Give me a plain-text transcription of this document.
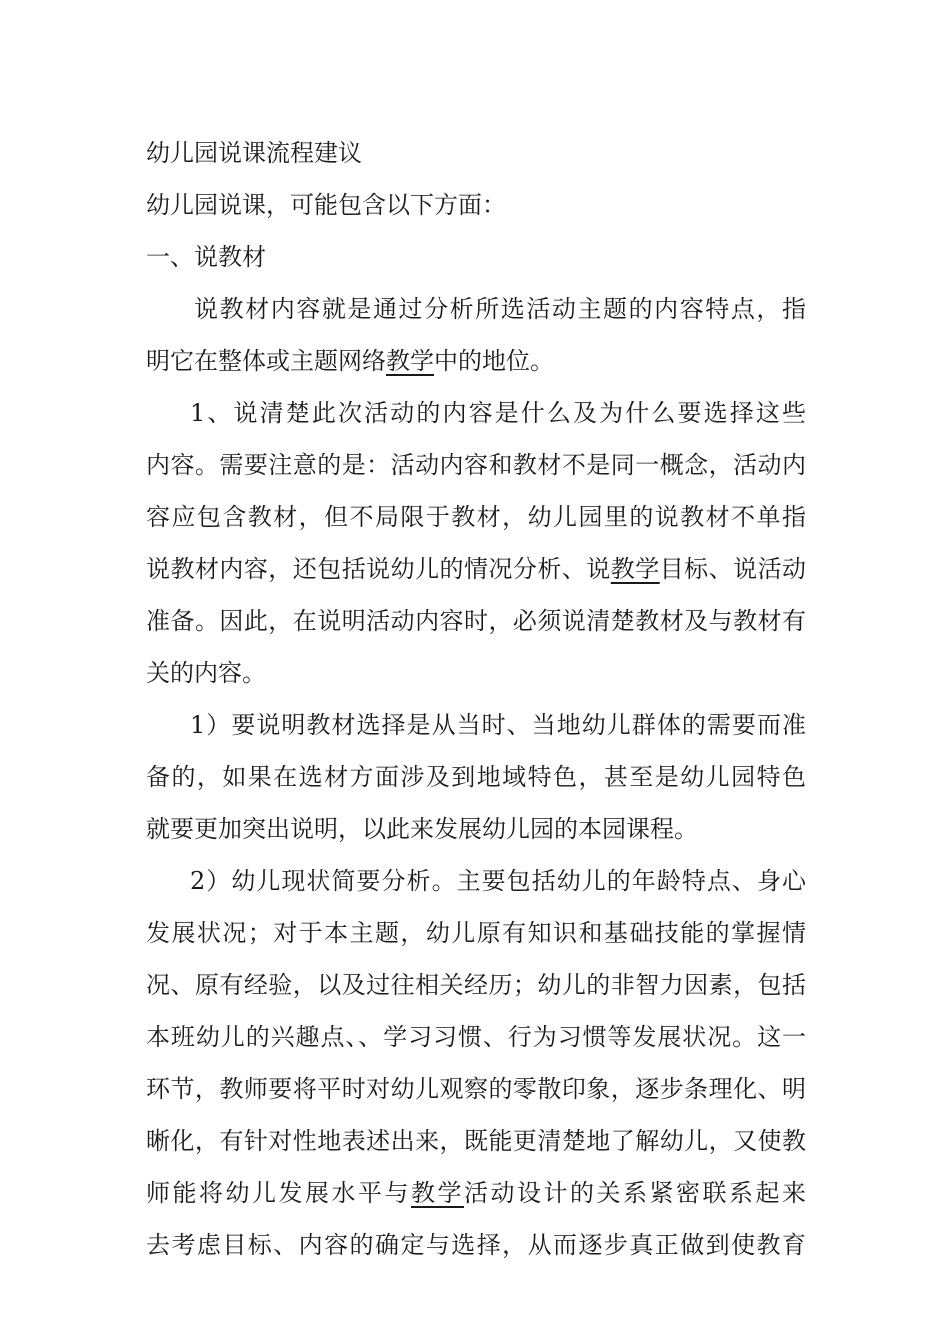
幼儿园说课流程建议
幼儿园说课，可能包含以下方面：
一、说教材
说教材内容就是通过分析所选活动主题的内容特点，指
明它在整体或主题网络教学中的地位。
1、说清楚此次活动的内容是什么及为什么要选择这些
内容。需要注意的是：活动内容和教材不是同一概念，活动内
容应包含教材，但不局限于教材，幼儿园里的说教材不单指
说教材内容，还包括说幼儿的情况分析、说教学目标、说活动
准备。因此，在说明活动内容时，必须说清楚教材及与教材有
关的内容。
1）要说明教材选择是从当时、当地幼儿群体的需要而准
备的，如果在选材方面涉及到地域特色，甚至是幼儿园特色
就要更加突出说明，以此来发展幼儿园的本园课程。
2）幼儿现状简要分析。主要包括幼儿的年龄特点、身心
发展状况；对于本主题，幼儿原有知识和基础技能的掌握情
况、原有经验，以及过往相关经历；幼儿的非智力因素，包括
本班幼儿的兴趣点、、学习习惯、行为习惯等发展状况。这一
环节，教师要将平时对幼儿观察的零散印象，逐步条理化、明
晰化，有针对性地表述出来，既能更清楚地了解幼儿，又使教
师能将幼儿发展水平与教学活动设计的关系紧密联系起来
去考虑目标、内容的确定与选择，从而逐步真正做到使教育
